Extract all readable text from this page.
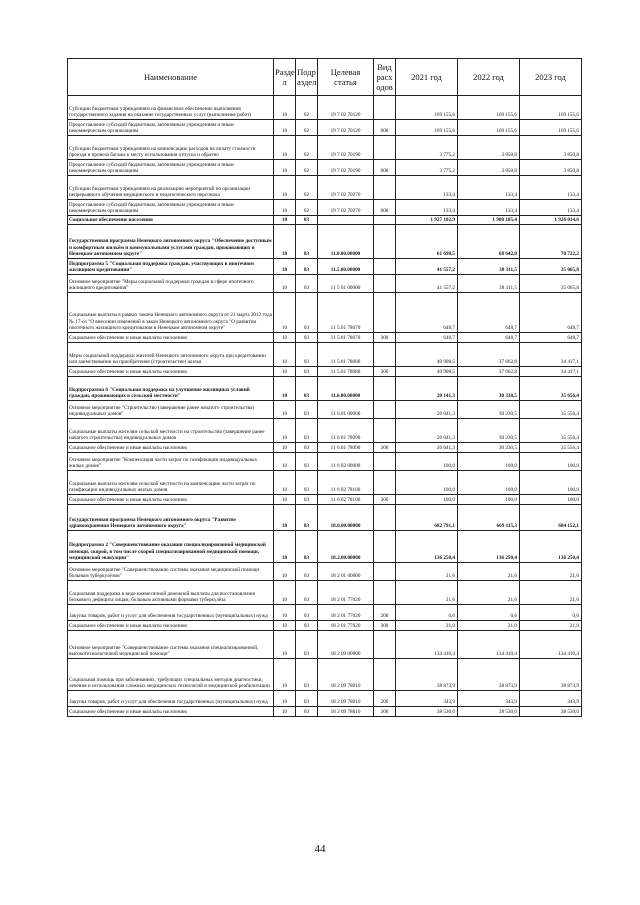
Наименование	Разде л	Подр аздел	Целевая статья	Вид расх одов	2021 год	2022 год	2023 год
Субсидии бюджетным учреждениям на финансовое обеспечение выполнения государственного задания на оказание государственных услуг (выполнение работ)	10	02	19 7 02 70120		169 155,6	169 155,6	169 155,6
Предоставление субсидий бюджетным, автономным учреждениям и иным некоммерческим организациям	10	02	19 7 02 70120	600	169 155,6	169 155,6	169 155,6
Субсидии бюджетным учреждениям на компенсацию расходов на оплату стоимости проезда и провоза багажа к месту использования отпуска и обратно	10	02	19 7 02 70190		3 775,2	3 850,8	3 850,8
Предоставление субсидий бюджетным, автономным учреждениям и иным некоммерческим организациям	10	02	19 7 02 70190	600	3 775,2	3 850,8	3 850,8
Субсидии бюджетным учреждениям на реализацию мероприятий по организации непрерывного обучения медицинского и педагогического персонала	10	02	19 7 02 70270		133,4	133,4	133,4
Предоставление субсидий бюджетным, автономным учреждениям и иным некоммерческим организациям	10	02	19 7 02 70270	600	133,4	133,4	133,4
Социальное обеспечение населения	10	03			1 927 102,9	1 908 105,4	1 926 014,6
Государственная программа Ненецкого автономного округа "Обеспечение доступным и комфортным жильём и коммунальными услугами граждан, проживающих в Ненецком автономном округе"	10	03	11.0.00.00000		61 698,5	68 642,0	70 722,2
Подпрограмма 5 "Социальная поддержка граждан, участвующих в ипотечном жилищном кредитовании"	10	03	11.5.00.00000		41 557,2	38 311,5	35 065,8
Основное мероприятие "Меры социальной поддержки граждан в сфере ипотечного жилищного кредитования"	10	03	11 5 01 00000		41 557,2	38 311,5	35 065,8
Социальные выплаты в рамках закона Ненецкого автономного округа от 21 марта 2012 года № 17-оз "О внесении изменений в закон Ненецкого автономного округа "О развитии ипотечного жилищного кредитования в Ненецком автономном округе"	10	03	11 5.01 78070		648,7	648,7	648,7
Социальное обеспечение и иные выплаты населению	10	03	11 5.01 78070	300	648,7	648,7	648,7
Меры социальной поддержки жителей Ненецкого автономного округа при кредитовании или заимствовании на приобретение (строительство) жилья	10	03	11 5.01 78080		40 908,5	37 662,8	34 417,1
Социальное обеспечение и иные выплаты населению	10	03	11 5.01 78080	300	40 908,5	37 662,8	34 417,1
Подпрограмма 6 "Социальная поддержка на улучшение жилищных условий граждан, проживающих в сельской местности"	10	03	11.6.00.00000		20 141,3	30 330,5	35 656,4
Основное мероприятие "Строительство (завершение ранее начатого строительства) индивидуальных домов"	10	03	11 6.01 00000		20 041,3	30 230,5	35 556,4
Социальные выплаты жителям сельской местности на строительство (завершение ранее начатого строительства) индивидуальных домов	10	03	11 6 01 78090		20 041,3	30 230,5	35 556,4
Социальное обеспечение и иные выплаты населению	10	03	11 6.01 78090	300	20 041,3	30 230,5	35 556,4
Основное мероприятие "Компенсация части затрат по газификации индивидуальных жилых домов"	10	03	11 6 02 00000		100,0	100,0	100,0
Социальные выплаты жителям сельской местности на компенсацию части затрат по газификации индивидуальных жилых домов	10	03	11 6 02 78100		100,0	100,0	100,0
Социальное обеспечение и иные выплаты населению	10	03	11 6 02 78100	300	100,0	100,0	100,0
Государственная программа Ненецкого автономного округа "Развитие здравоохранения Ненецкого автономного округа"	10	03	18.0.00.00000		682 791,1	669 115,3	684 152,1
Подпрограмма 2 "Совершенствование оказания специализированной медицинской помощи, скорой, в том числе скорой специализированной медицинской помощи, медицинской эвакуации"	10	03	18.2.00.00000		136 250,4	136 250,4	136 250,4
Основное мероприятие "Совершенствование системы оказания медицинской помощи больным туберкулёзом"	10	03	18 2 01 00000		21,6	21,6	21,6
Социальная поддержка в виде ежемесячной денежной выплаты для восстановления белкового дефицита лицам, больным активными формами туберкулёза	10	03	18 2 01 77020		21,6	21,6	21,6
Закупка товаров, работ и услуг для обеспечения государственных (муниципальных) нужд	10	03	18 2 01 77020	200	0,6	0,6	0,6
Социальное обеспечение и иные выплаты населению	10	03	18 2 01 77020	300	21,0	21,0	21,0
Основное мероприятие "Совершенствование системы оказания специализированной, высокотехнологичной медицинской помощи"	10	03	18 2 09 00000		134 410,4	134 410,4	134 410,4
Социальная помощь при заболеваниях, требующих специальных методов диагностики, лечения и использования сложных медицинских технологий и медицинской реабилитации	10	03	18 2 09 78010		38 873,9	38 873,9	38 873,9
Закупка товаров, работ и услуг для обеспечения государственных (муниципальных) нужд	10	03	18 2 09 78010	200	343,9	343,9	343,9
Социальное обеспечение и иные выплаты населению	10	03	18 2 09 78010	300	38 530,0	38 530,0	38 530,0
44
